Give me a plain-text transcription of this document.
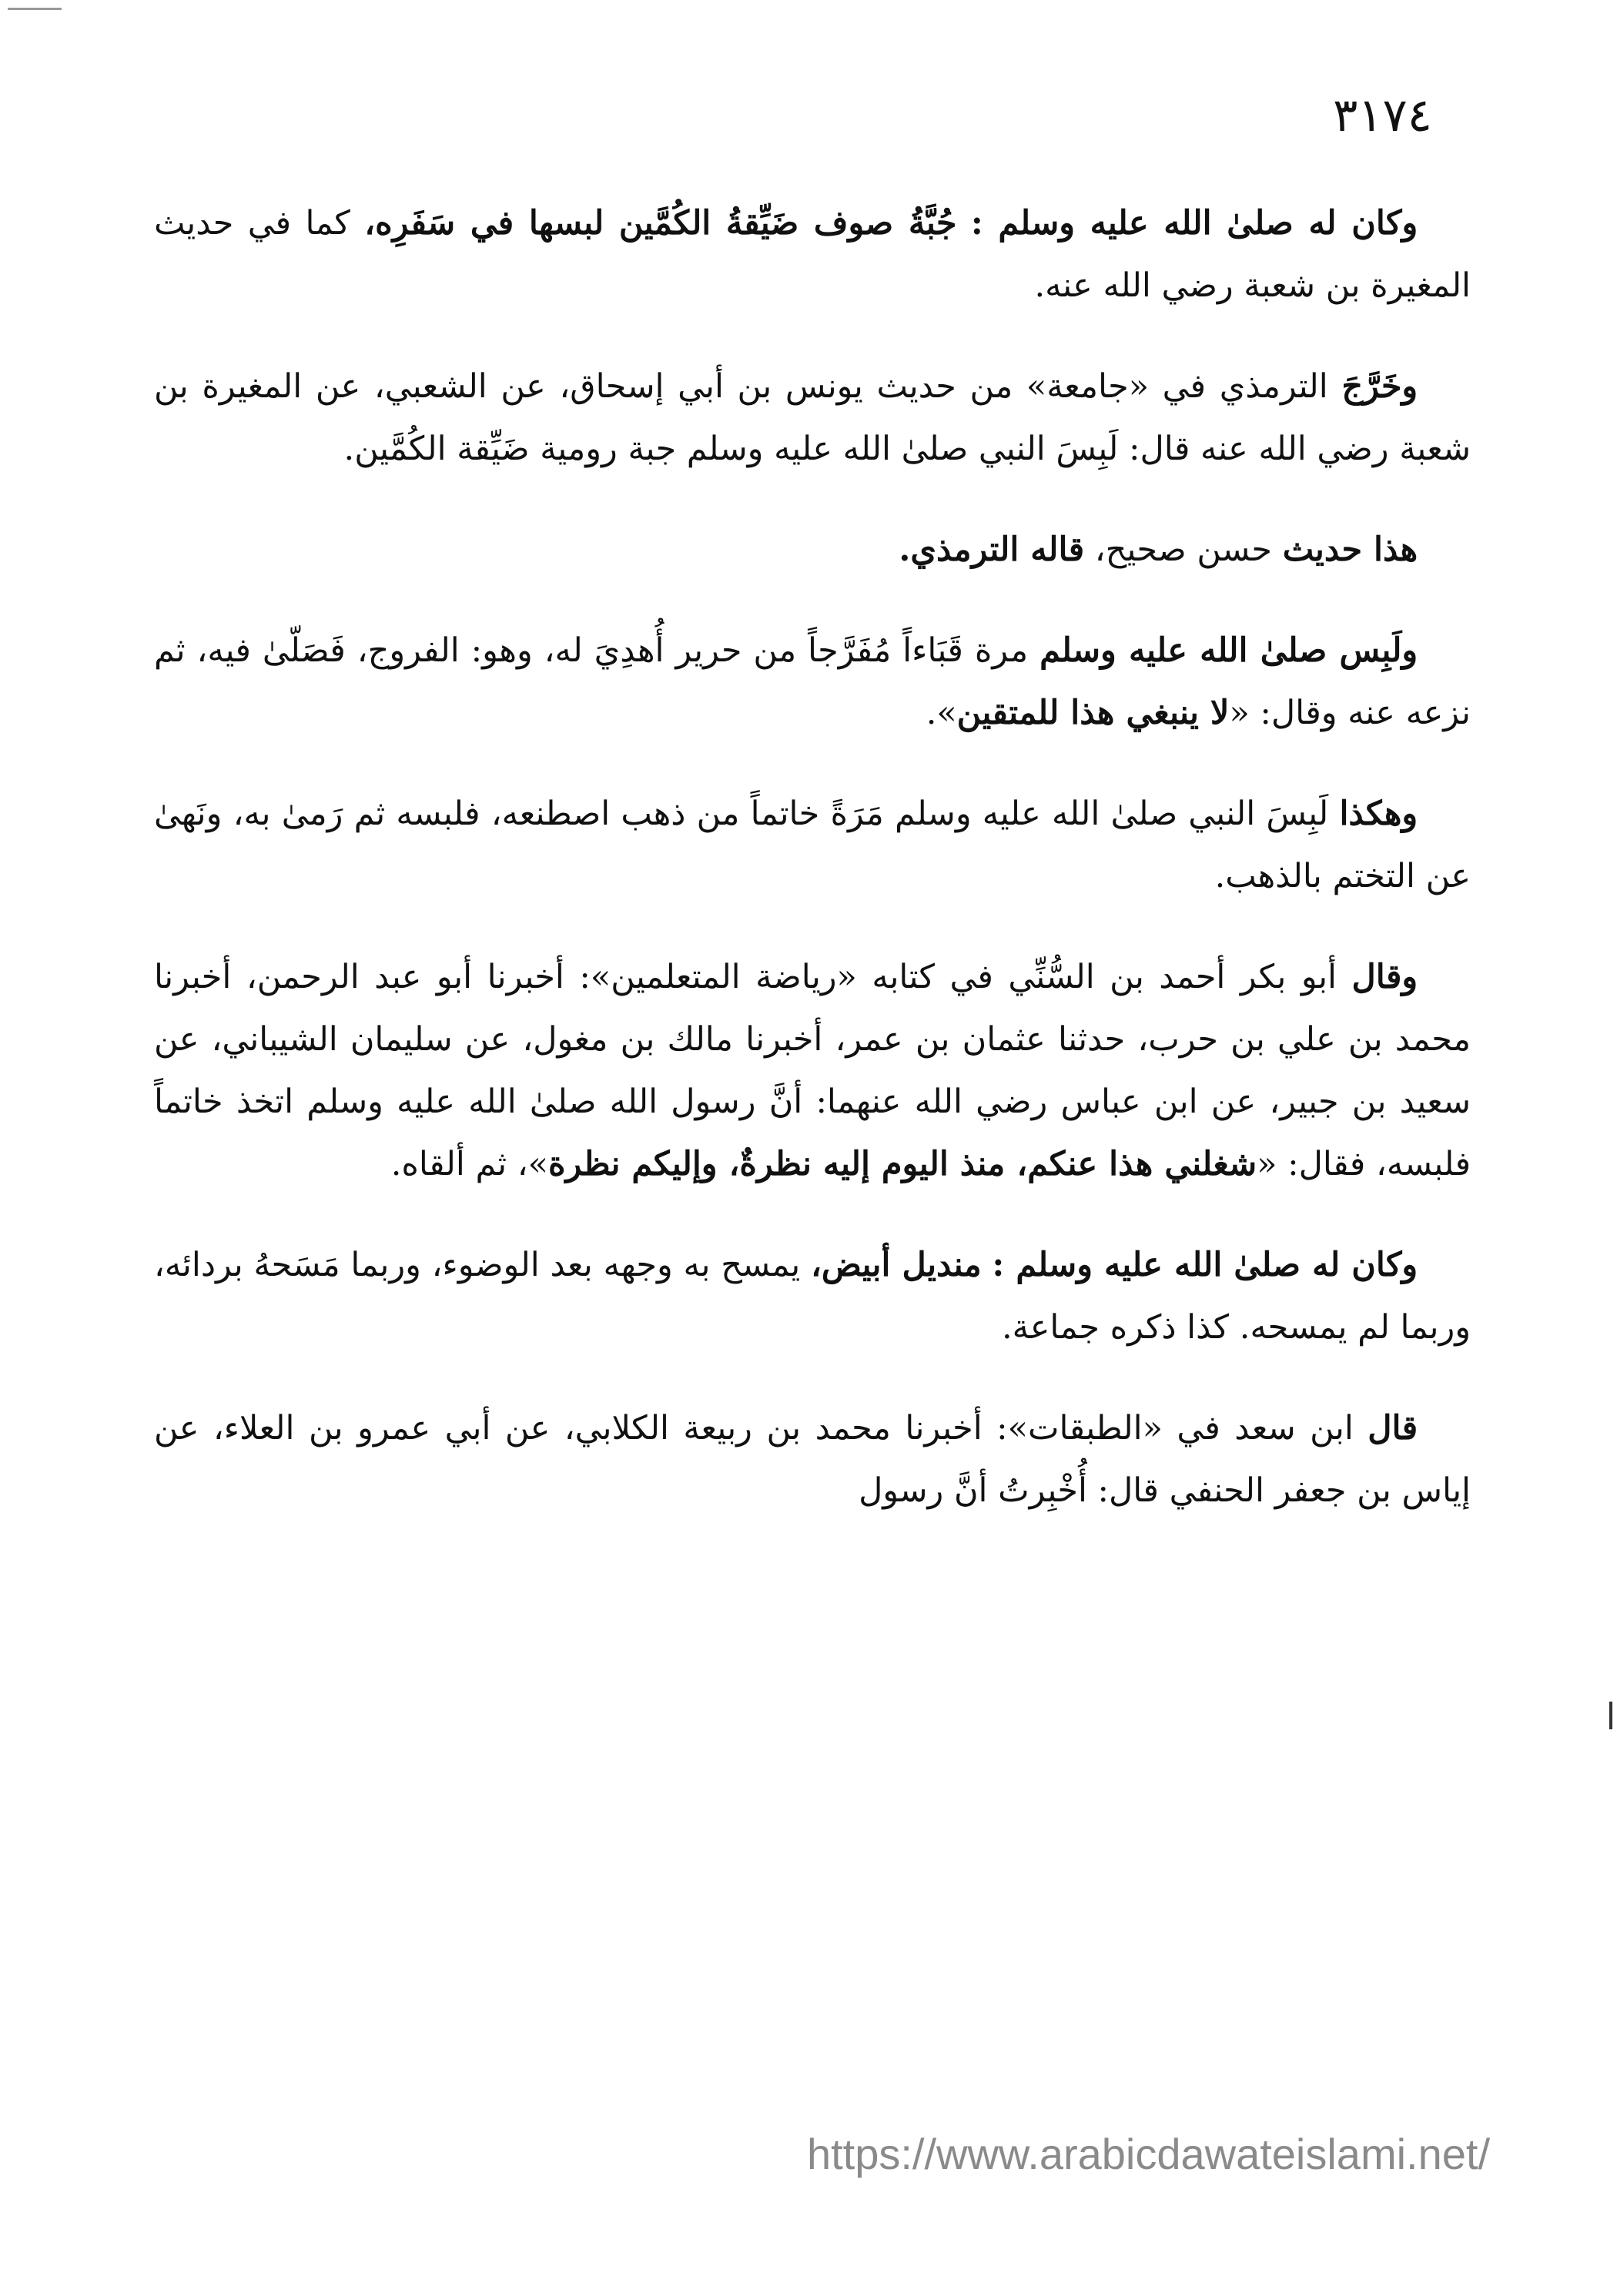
٣١٧٤

وكان له صلىٰ الله عليه وسلم : جُبَّةُ صوف ضَيِّقةُ الكُمَّين لبسها في سَفَرِه، كما في حديث المغيرة بن شعبة رضي الله عنه.

وخَرَّجَ الترمذي في «جامعة» من حديث يونس بن أبي إسحاق، عن الشعبي، عن المغيرة بن شعبة رضي الله عنه قال: لَبِسَ النبي صلىٰ الله عليه وسلم جبة رومية ضَيِّقة الكُمَّين.

هذا حديث حسن صحيح، قاله الترمذي.

ولَبِس صلىٰ الله عليه وسلم مرة قَبَاءاً مُفَرَّجاً من حرير أُهدِيَ له، وهو: الفروج، فَصَلّىٰ فيه، ثم نزعه عنه وقال: «لا ينبغي هذا للمتقين».

وهكذا لَبِسَ النبي صلىٰ الله عليه وسلم مَرَةً خاتماً من ذهب اصطنعه، فلبسه ثم رَمىٰ به، ونَهىٰ عن التختم بالذهب.

وقال أبو بكر أحمد بن السُّنِّي في كتابه «رياضة المتعلمين»: أخبرنا أبو عبد الرحمن، أخبرنا محمد بن علي بن حرب، حدثنا عثمان بن عمر، أخبرنا مالك بن مغول، عن سليمان الشيباني، عن سعيد بن جبير، عن ابن عباس رضي الله عنهما: أنَّ رسول الله صلىٰ الله عليه وسلم اتخذ خاتماً فلبسه، فقال: «شغلني هذا عنكم، منذ اليوم إليه نظرةٌ، وإليكم نظرة»، ثم ألقاه.

وكان له صلىٰ الله عليه وسلم : منديل أبيض، يمسح به وجهه بعد الوضوء، وربما مَسَحهُ بردائه، وربما لم يمسحه. كذا ذكره جماعة.

قال ابن سعد في «الطبقات»: أخبرنا محمد بن ربيعة الكلابي، عن أبي عمرو بن العلاء، عن إياس بن جعفر الحنفي قال: أُخْبِرتُ أنَّ رسول

https://www.arabicdawateislami.net/
